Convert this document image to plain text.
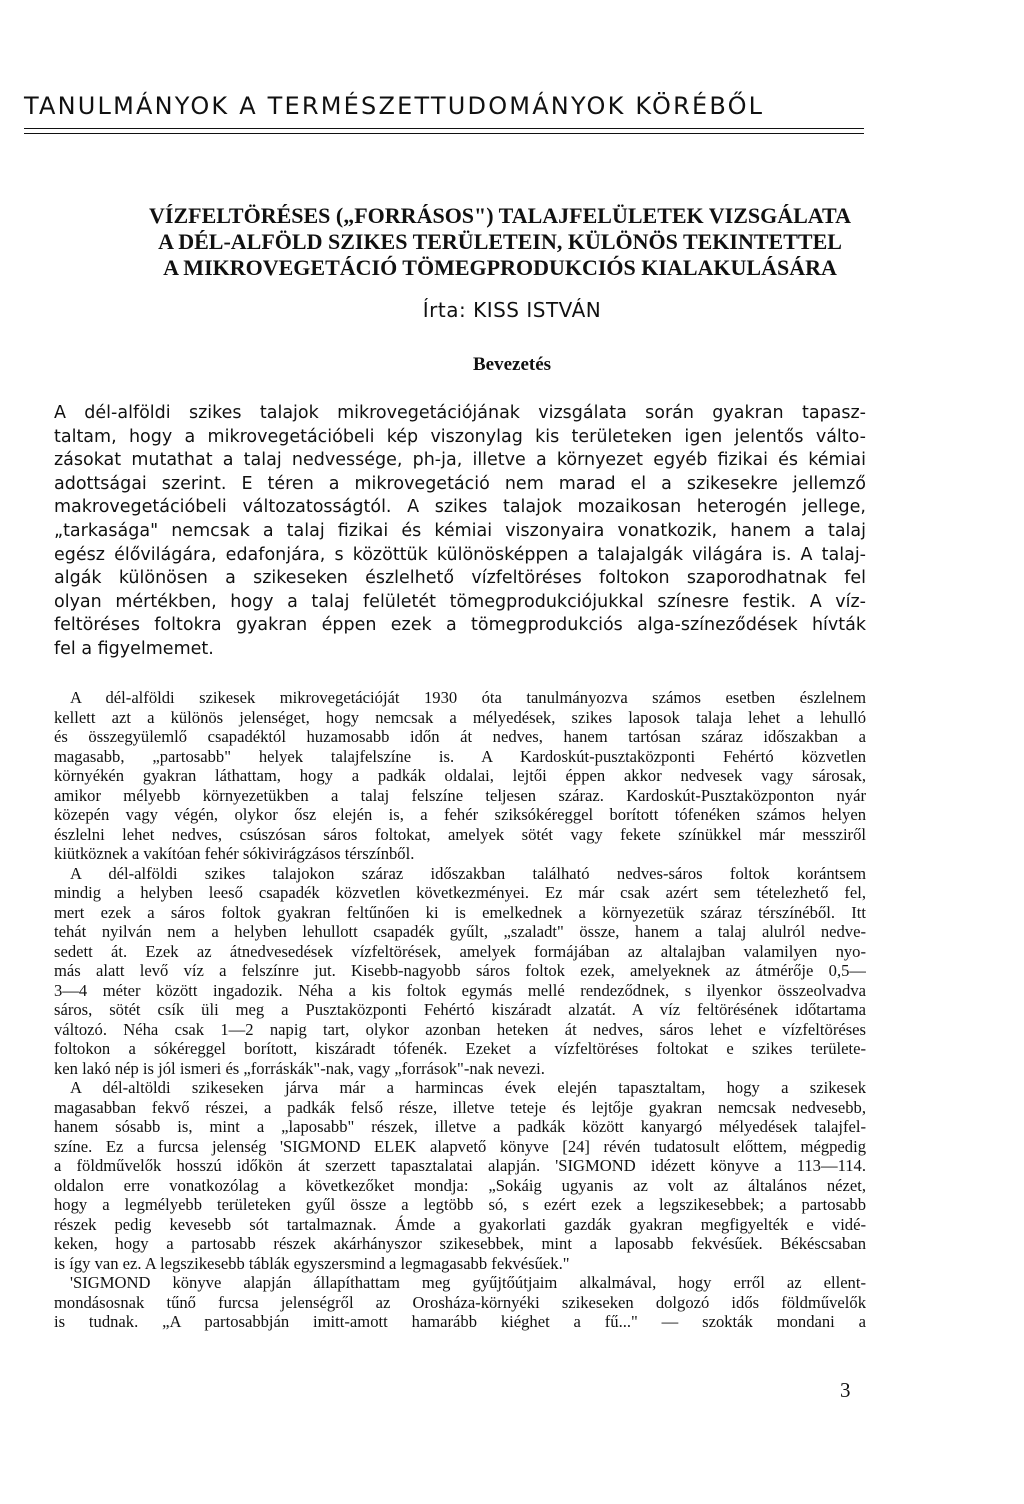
TANULMÁNYOK A TERMÉSZETTUDOMÁNYOK KÖRÉBŐL
VÍZFELTÖRÉSES („FORRÁSOS") TALAJFELÜLETEK VIZSGÁLATA
A DÉL-ALFÖLD SZIKES TERÜLETEIN, KÜLÖNÖS TEKINTETTEL
A MIKROVEGETÁCIÓ TÖMEGPRODUKCIÓS KIALAKULÁSÁRA
Írta: KISS ISTVÁN
Bevezetés
A dél-alföldi szikes talajok mikrovegetációjának vizsgálata során gyakran tapasz-
taltam, hogy a mikrovegetációbeli kép viszonylag kis területeken igen jelentős válto-
zásokat mutathat a talaj nedvessége, ph-ja, illetve a környezet egyéb fizikai és kémiai
adottságai szerint. E téren a mikrovegetáció nem marad el a szikesekre jellemző
makrovegetációbeli változatosságtól. A szikes talajok mozaikosan heterogén jellege,
„tarkasága" nemcsak a talaj fizikai és kémiai viszonyaira vonatkozik, hanem a talaj
egész élővilágára, edafonjára, s közöttük különösképpen a talajalgák világára is. A talaj-
algák különösen a szikeseken észlelhető vízfeltöréses foltokon szaporodhatnak fel
olyan mértékben, hogy a talaj felületét tömegprodukciójukkal színesre festik. A víz-
feltöréses foltokra gyakran éppen ezek a tömegprodukciós alga-színeződések hívták
fel a figyelmemet.
A dél-alföldi szikesek mikrovegetációját 1930 óta tanulmányozva számos esetben észlelnem
kellett azt a különös jelenséget, hogy nemcsak a mélyedések, szikes laposok talaja lehet a lehulló
és összegyülemlő csapadéktól huzamosabb időn át nedves, hanem tartósan száraz időszakban a
magasabb, „partosabb" helyek talajfelszíne is. A Kardoskút-pusztaközponti Fehértó közvetlen
környékén gyakran láthattam, hogy a padkák oldalai, lejtői éppen akkor nedvesek vagy sárosak,
amikor mélyebb környezetükben a talaj felszíne teljesen száraz. Kardoskút-Pusztaközponton nyár
közepén vagy végén, olykor ősz elején is, a fehér sziksókéreggel borított tófenéken számos helyen
észlelni lehet nedves, csúszósan sáros foltokat, amelyek sötét vagy fekete színükkel már messziről
kiütköznek a vakítóan fehér sókivirágzásos térszínből.
A dél-alföldi szikes talajokon száraz időszakban található nedves-sáros foltok korántsem
mindig a helyben leeső csapadék közvetlen következményei. Ez már csak azért sem tételezhető fel,
mert ezek a sáros foltok gyakran feltűnően ki is emelkednek a környezetük száraz térszínéből. Itt
tehát nyilván nem a helyben lehullott csapadék gyűlt, „szaladt" össze, hanem a talaj alulról nedve-
sedett át. Ezek az átnedvesedések vízfeltörések, amelyek formájában az altalajban valamilyen nyo-
más alatt levő víz a felszínre jut. Kisebb-nagyobb sáros foltok ezek, amelyeknek az átmérője 0,5—
3—4 méter között ingadozik. Néha a kis foltok egymás mellé rendeződnek, s ilyenkor összeolvadva
sáros, sötét csík üli meg a Pusztaközponti Fehértó kiszáradt alzatát. A víz feltörésének időtartama
változó. Néha csak 1—2 napig tart, olykor azonban heteken át nedves, sáros lehet e vízfeltöréses
foltokon a sókéreggel borított, kiszáradt tófenék. Ezeket a vízfeltöréses foltokat e szikes területe-
ken lakó nép is jól ismeri és „forráskák"-nak, vagy „források"-nak nevezi.
A dél-altöldi szikeseken járva már a harmincas évek elején tapasztaltam, hogy a szikesek
magasabban fekvő részei, a padkák felső része, illetve teteje és lejtője gyakran nemcsak nedvesebb,
hanem sósabb is, mint a „laposabb" részek, illetve a padkák között kanyargó mélyedések talajfel-
színe. Ez a furcsa jelenség 'SIGMOND ELEK alapvető könyve [24] révén tudatosult előttem, mégpedig
a földművelők hosszú időkön át szerzett tapasztalatai alapján. 'SIGMOND idézett könyve a 113—114.
oldalon erre vonatkozólag a következőket mondja: „Sokáig ugyanis az volt az általános nézet,
hogy a legmélyebb területeken gyűl össze a legtöbb só, s ezért ezek a legszikesebbek; a partosabb
részek pedig kevesebb sót tartalmaznak. Ámde a gyakorlati gazdák gyakran megfigyelték e vidé-
keken, hogy a partosabb részek akárhányszor szikesebbek, mint a laposabb fekvésűek. Békéscsaban
is így van ez. A legszikesebb táblák egyszersmind a legmagasabb fekvésűek."
'SIGMOND könyve alapján állapíthattam meg gyűjtőútjaim alkalmával, hogy erről az ellent-
mondásosnak tűnő furcsa jelenségről az Orosháza-környéki szikeseken dolgozó idős földművelők
is tudnak. „A partosabbján imitt-amott hamarább kiéghet a fű..." — szokták mondani a
3
